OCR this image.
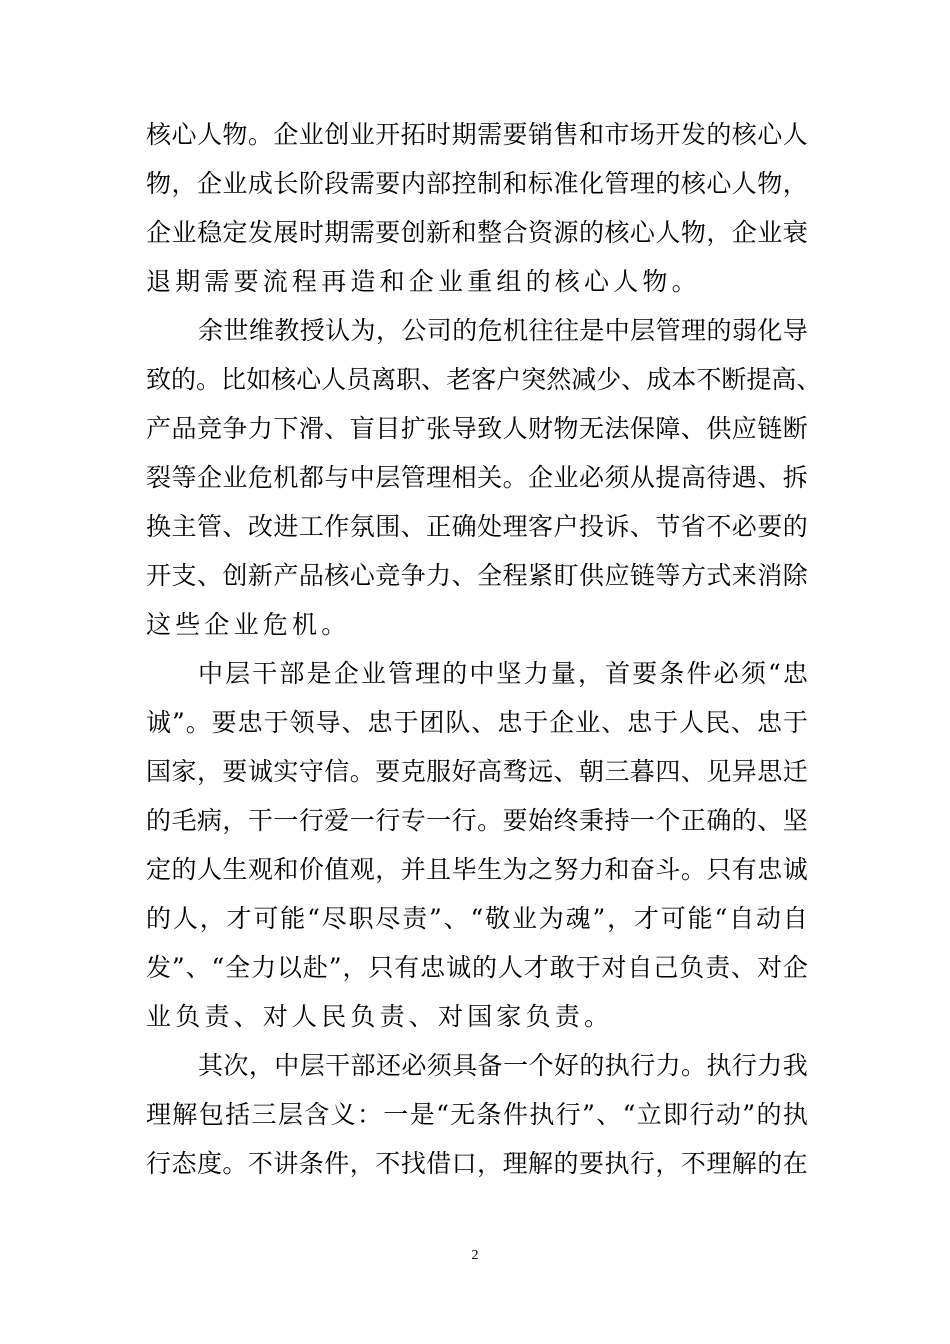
核 心 人 物 。 企 业 创 业 开 拓 时 期 需 要 销 售 和 市 场 开 发 的 核 心 人
物 ， 企 业 成 长 阶 段 需 要 内 部 控 制 和 标 准 化 管 理 的 核 心 人 物 ，
企 业 稳 定 发 展 时 期 需 要 创 新 和 整 合 资 源 的 核 心 人 物 ， 企 业 衰
退期需要流程再造和企业重组的核心人物。
余 世 维 教 授 认 为 ， 公 司 的 危 机 往 往 是 中 层 管 理 的 弱 化 导
致 的 。 比 如 核 心 人 员 离 职 、 老 客 户 突 然 减 少 、 成 本 不 断 提 高 、
产 品 竞 争 力 下 滑 、 盲 目 扩 张 导 致 人 财 物 无 法 保 障 、 供 应 链 断
裂 等 企 业 危 机 都 与 中 层 管 理 相 关 。 企 业 必 须 从 提 高 待 遇 、 拆
换 主 管 、 改 进 工 作 氛 围 、 正 确 处 理 客 户 投 诉 、 节 省 不 必 要 的
开 支 、 创 新 产 品 核 心 竞 争 力 、 全 程 紧 盯 供 应 链 等 方 式 来 消 除
这些企业危机。
中 层 干 部 是 企 业 管 理 的 中 坚 力 量 ， 首 要 条 件 必 须 “ 忠
诚 ” 。 要 忠 于 领 导 、 忠 于 团 队 、 忠 于 企 业 、 忠 于 人 民 、 忠 于
国 家 ， 要 诚 实 守 信 。 要 克 服 好 高 骛 远 、 朝 三 暮 四 、 见 异 思 迁
的 毛 病 ， 干 一 行 爱 一 行 专 一 行 。 要 始 终 秉 持 一 个 正 确 的 、 坚
定 的 人 生 观 和 价 值 观 ， 并 且 毕 生 为 之 努 力 和 奋 斗 。 只 有 忠 诚
的 人 ， 才 可 能 “ 尽 职 尽 责 ” 、 “ 敬 业 为 魂 ” ， 才 可 能 “ 自 动 自
发 ” 、 “ 全 力 以 赴 ” ， 只 有 忠 诚 的 人 才 敢 于 对 自 己 负 责 、 对 企
业负责、对人民负责、对国家负责。
其 次 ， 中 层 干 部 还 必 须 具 备 一 个 好 的 执 行 力 。 执 行 力 我
理 解 包 括 三 层 含 义 ： 一 是 “ 无 条 件 执 行 ” 、 “ 立 即 行 动 ” 的 执
行 态 度 。 不 讲 条 件 ， 不 找 借 口 ， 理 解 的 要 执 行 ， 不 理 解 的 在
2
